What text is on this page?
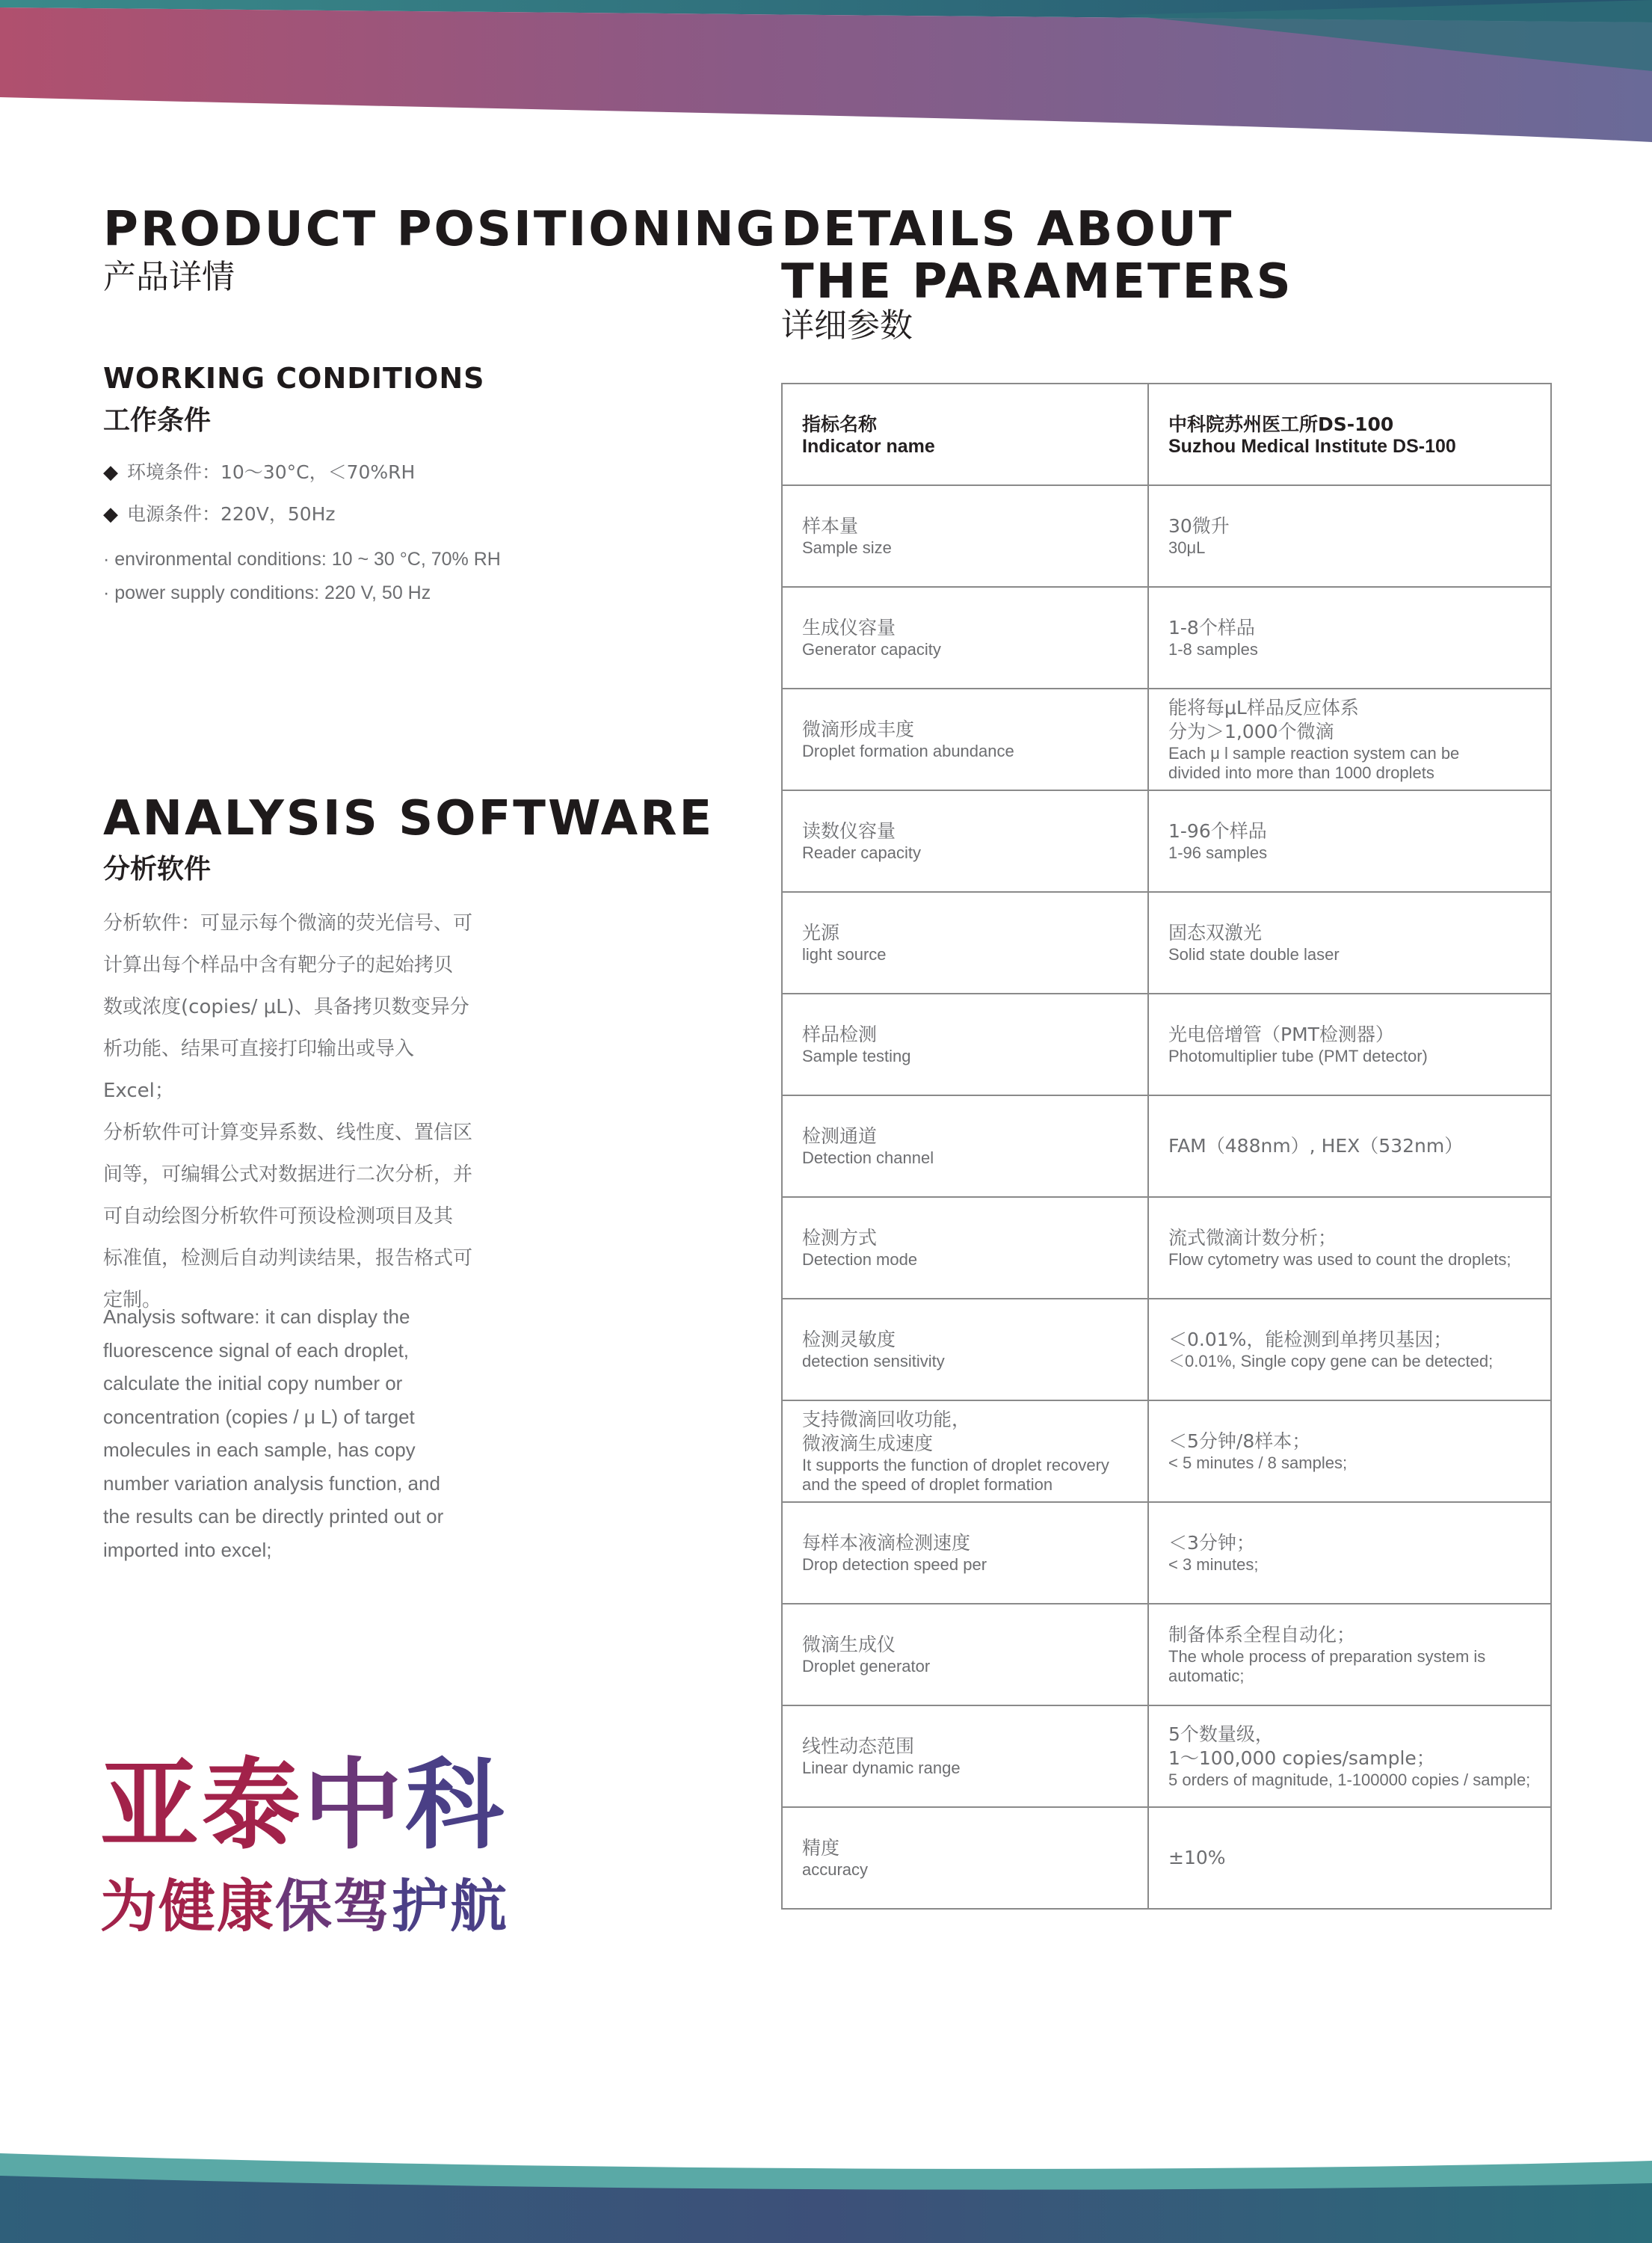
PRODUCT POSITIONING
产品详情
WORKING CONDITIONS
工作条件
◆ 环境条件：10～30°C，＜70%RH
◆ 电源条件：220V，50Hz
· environmental conditions: 10 ~ 30 °C, 70% RH
· power supply conditions: 220 V, 50 Hz
ANALYSIS SOFTWARE
分析软件
分析软件：可显示每个微滴的荧光信号、可
计算出每个样品中含有靶分子的起始拷贝
数或浓度(copies/ μL)、具备拷贝数变异分
析功能、结果可直接打印输出或导入Excel；
分析软件可计算变异系数、线性度、置信区
间等，可编辑公式对数据进行二次分析，并
可自动绘图分析软件可预设检测项目及其
标准值，检测后自动判读结果，报告格式可
定制。
Analysis software: it can display the
fluorescence signal of each droplet,
calculate the initial copy number or
concentration (copies / μ L) of target
molecules in each sample, has copy
number variation analysis function, and
the results can be directly printed out or
imported into excel;
亚泰中科
为健康保驾护航
DETAILS ABOUT
THE PARAMETERS
详细参数
指标名称
Indicator name	中科院苏州医工所DS-100
Suzhou Medical Institute DS-100

样本量
Sample size	30微升
30μL

生成仪容量
Generator capacity	1-8个样品
1-8 samples

微滴形成丰度
Droplet formation abundance	能将每μL样品反应体系
分为＞1,000个微滴
Each μ l sample reaction system can be
divided into more than 1000 droplets

读数仪容量
Reader capacity	1-96个样品
1-96 samples

光源
light source	固态双激光
Solid state double laser

样品检测
Sample testing	光电倍增管（PMT检测器）
Photomultiplier tube (PMT detector)

检测通道
Detection channel	FAM（488nm）, HEX（532nm）

检测方式
Detection mode	流式微滴计数分析；
Flow cytometry was used to count the droplets;

检测灵敏度
detection sensitivity	＜0.01%，能检测到单拷贝基因；
＜0.01%, Single copy gene can be detected;

支持微滴回收功能，
微液滴生成速度
It supports the function of droplet recovery
and the speed of droplet formation	＜5分钟/8样本；
< 5 minutes / 8 samples;

每样本液滴检测速度
Drop detection speed per	＜3分钟；
< 3 minutes;

微滴生成仪
Droplet generator	制备体系全程自动化；
The whole process of preparation system is
automatic;

线性动态范围
Linear dynamic range	5个数量级，
1～100,000 copies/sample；
5 orders of magnitude, 1-100000 copies / sample;

精度
accuracy	±10%
